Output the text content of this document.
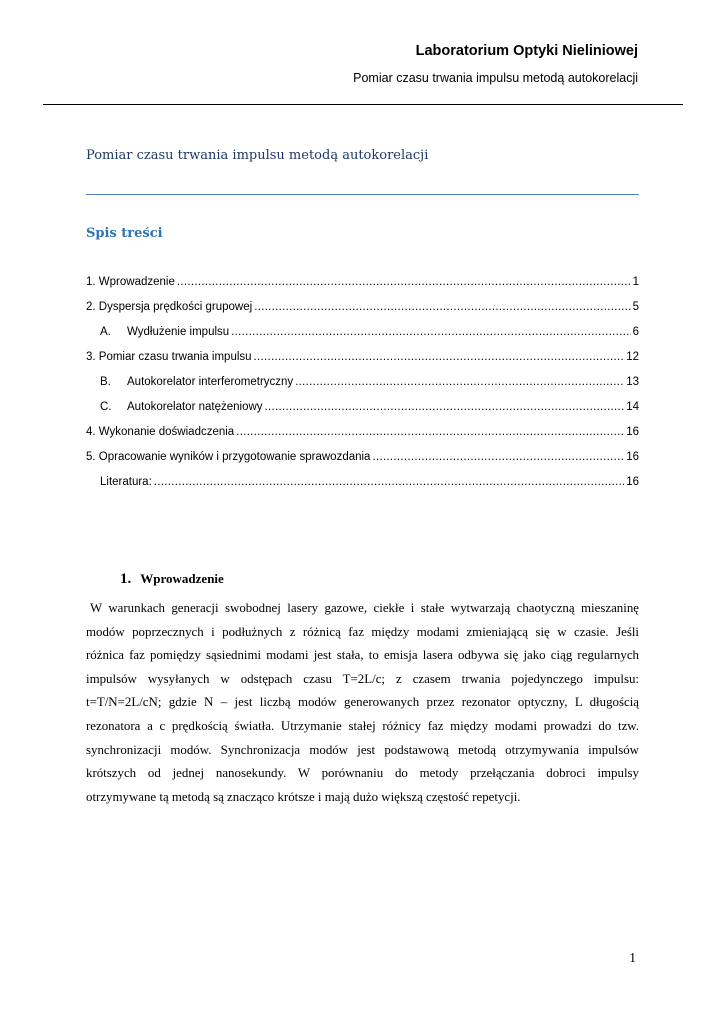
Laboratorium Optyki Nieliniowej
Pomiar czasu trwania impulsu metodą autokorelacji
Pomiar czasu trwania impulsu metodą autokorelacji
Spis treści
1. Wprowadzenie .....	1
2. Dyspersja prędkości grupowej .....	5
A.	Wydłużenie impulsu .....	6
3. Pomiar czasu trwania impulsu .....	12
B.	Autokorelator interferometryczny .....	13
C.	Autokorelator natężeniowy .....	14
4. Wykonanie doświadczenia .....	16
5. Opracowanie wyników i przygotowanie sprawozdania .....	16
Literatura: .....	16
1. Wprowadzenie
W warunkach generacji swobodnej lasery gazowe, ciekłe i stałe wytwarzają chaotyczną mieszaninę
modów poprzecznych i podłużnych z różnicą faz między modami zmieniającą się w czasie. Jeśli
różnica faz pomiędzy sąsiednimi modami jest stała, to emisja lasera odbywa się jako ciąg regularnych
impulsów wysyłanych w odstępach czasu T=2L/c; z czasem trwania pojedynczego impulsu:
t=T/N=2L/cN; gdzie N – jest liczbą modów generowanych przez rezonator optyczny, L długością
rezonatora a c prędkością światła. Utrzymanie stałej różnicy faz między modami prowadzi do tzw.
synchronizacji modów. Synchronizacja modów jest podstawową metodą otrzymywania impulsów
krótszych od jednej nanosekundy. W porównaniu do metody przełączania dobroci impulsy
otrzymywane tą metodą są znacząco krótsze i mają dużo większą częstość repetycji.
1
